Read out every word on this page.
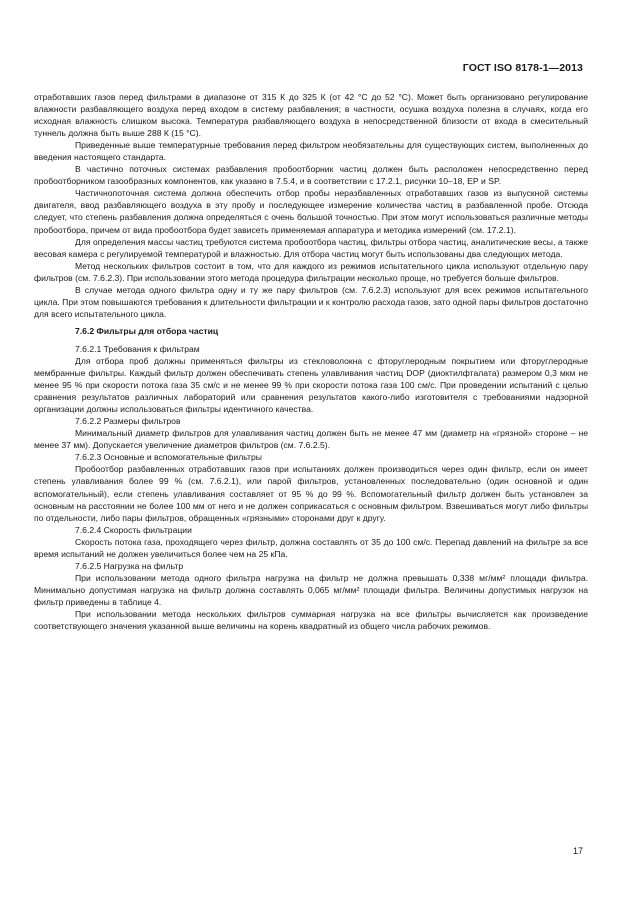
ГОСТ ISO 8178-1—2013

отработавших газов перед фильтрами в диапазоне от 315 К до 325 К (от 42 °С до 52 °С). Может быть организовано регулирование влажности разбавляющего воздуха перед входом в систему разбавления; в частности, осушка воздуха полезна в случаях, когда его исходная влажность слишком высока. Температура разбавляющего воздуха в непосредственной близости от входа в смесительный туннель должна быть выше 288 К (15 °С).

Приведенные выше температурные требования перед фильтром необязательны для существующих систем, выполненных до введения настоящего стандарта.

В частично поточных системах разбавления пробоотборник частиц должен быть расположен непосредственно перед пробоотборником газообразных компонентов, как указано в 7.5.4, и в соответствии с 17.2.1, рисунки 10–18, ЕР и SP.

Частичнопоточная система должна обеспечить отбор пробы неразбавленных отработавших газов из выпускной системы двигателя, ввод разбавляющего воздуха в эту пробу и последующее измерение количества частиц в разбавленной пробе. Отсюда следует, что степень разбавления должна определяться с очень большой точностью. При этом могут использоваться различные методы пробоотбора, причем от вида пробоотбора будет зависеть применяемая аппаратура и методика измерений (см. 17.2.1).

Для определения массы частиц требуются система пробоотбора частиц, фильтры отбора частиц, аналитические весы, а также весовая камера с регулируемой температурой и влажностью. Для отбора частиц могут быть использованы два следующих метода.

Метод нескольких фильтров состоит в том, что для каждого из режимов испытательного цикла используют отдельную пару фильтров (см. 7.6.2.3). При использовании этого метода процедура фильтрации несколько проще, но требуется больше фильтров.

В случае метода одного фильтра одну и ту же пару фильтров (см. 7.6.2.3) используют для всех режимов испытательного цикла. При этом повышаются требования к длительности фильтрации и к контролю расхода газов, зато одной пары фильтров достаточно для всего испытательного цикла.

7.6.2 Фильтры для отбора частиц

7.6.2.1 Требования к фильтрам

Для отбора проб должны применяться фильтры из стекловолокна с фторуглеродным покрытием или фторуглеродные мембранные фильтры. Каждый фильтр должен обеспечивать степень улавливания частиц DOP (диоктилфталата) размером 0,3 мкм не менее 95 % при скорости потока газа 35 см/с и не менее 99 % при скорости потока газа 100 см/с. При проведении испытаний с целью сравнения результатов различных лабораторий или сравнения результатов какого-либо изготовителя с требованиями надзорной организации должны использоваться фильтры идентичного качества.

7.6.2.2 Размеры фильтров

Минимальный диаметр фильтров для улавливания частиц должен быть не менее 47 мм (диаметр на «грязной» стороне – не менее 37 мм). Допускается увеличение диаметров фильтров (см. 7.6.2.5).

7.6.2.3 Основные и вспомогательные фильтры

Пробоотбор разбавленных отработавших газов при испытаниях должен производиться через один фильтр, если он имеет степень улавливания более 99 % (см. 7.6.2.1), или парой фильтров, установленных последовательно (один основной и один вспомогательный), если степень улавливания составляет от 95 % до 99 %. Вспомогательный фильтр должен быть установлен за основным на расстоянии не более 100 мм от него и не должен соприкасаться с основным фильтром. Взвешиваться могут либо фильтры по отдельности, либо пары фильтров, обращенных «грязными» сторонами друг к другу.

7.6.2.4 Скорость фильтрации

Скорость потока газа, проходящего через фильтр, должна составлять от 35 до 100 см/с. Перепад давлений на фильтре за все время испытаний не должен увеличиться более чем на 25 кПа.

7.6.2.5 Нагрузка на фильтр

При использовании метода одного фильтра нагрузка на фильтр не должна превышать 0,338 мг/мм² площади фильтра. Минимально допустимая нагрузка на фильтр должна составлять 0,065 мг/мм² площади фильтра. Величины допустимых нагрузок на фильтр приведены в таблице 4.

При использовании метода нескольких фильтров суммарная нагрузка на все фильтры вычисляется как произведение соответствующего значения указанной выше величины на корень квадратный из общего числа рабочих режимов.

17
